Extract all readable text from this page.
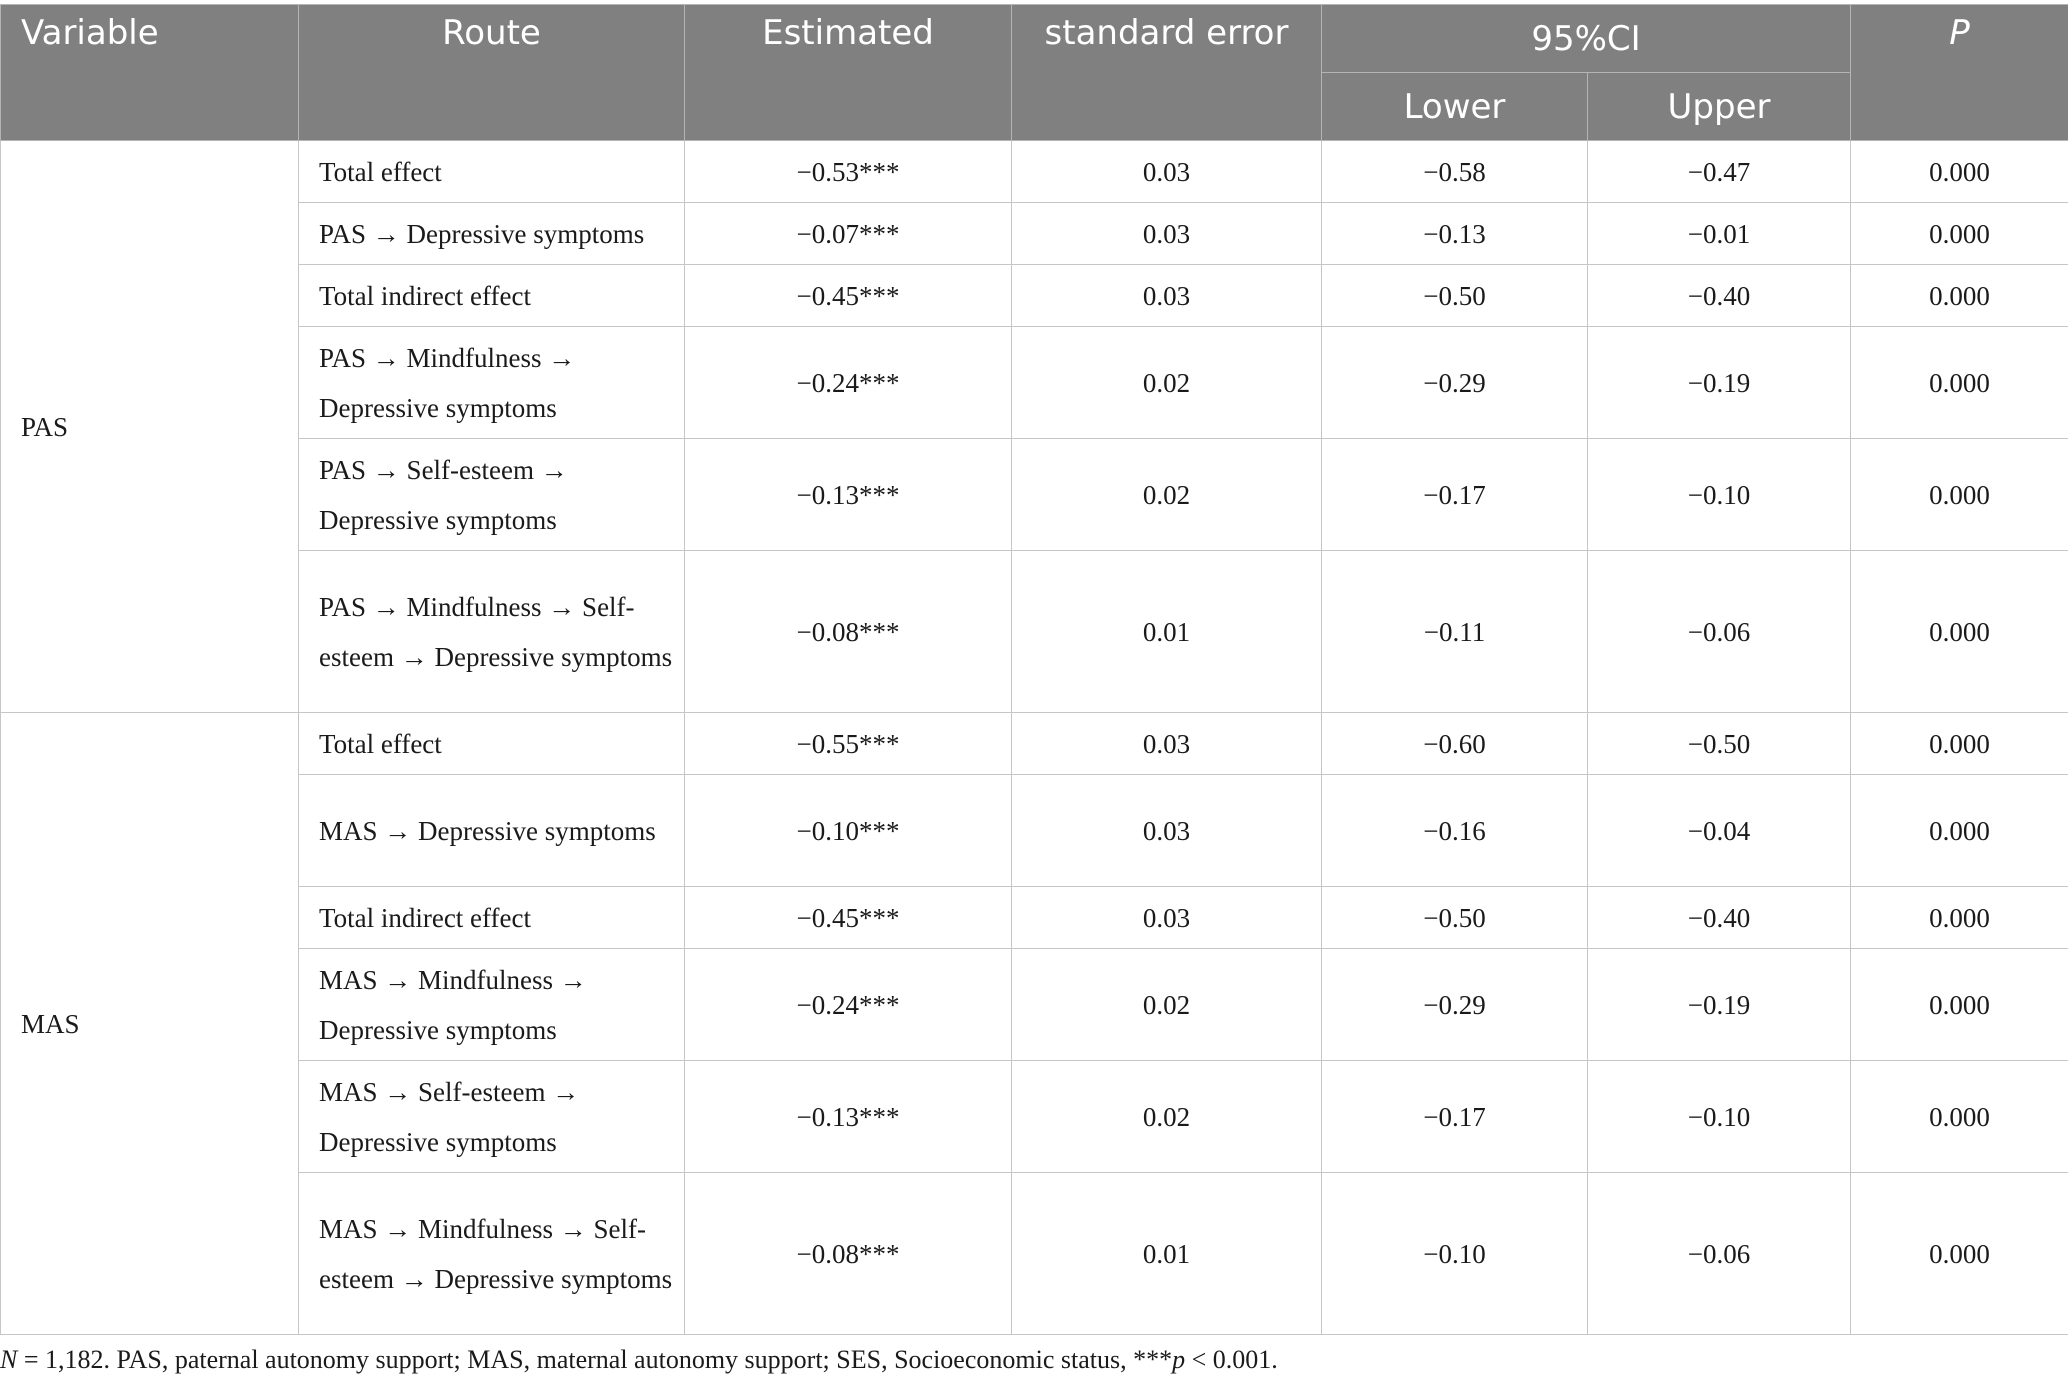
Variable	Route	Estimated	standard error	95%CI		P
				Lower	Upper	
PAS	Total effect	−0.53***	0.03	−0.58	−0.47	0.000
	PAS → Depressive symptoms	−0.07***	0.03	−0.13	−0.01	0.000
	Total indirect effect	−0.45***	0.03	−0.50	−0.40	0.000
	PAS → Mindfulness → Depressive symptoms	−0.24***	0.02	−0.29	−0.19	0.000
	PAS → Self-esteem → Depressive symptoms	−0.13***	0.02	−0.17	−0.10	0.000
	PAS → Mindfulness → Self-esteem → Depressive symptoms	−0.08***	0.01	−0.11	−0.06	0.000
MAS	Total effect	−0.55***	0.03	−0.60	−0.50	0.000
	MAS → Depressive symptoms	−0.10***	0.03	−0.16	−0.04	0.000
	Total indirect effect	−0.45***	0.03	−0.50	−0.40	0.000
	MAS → Mindfulness → Depressive symptoms	−0.24***	0.02	−0.29	−0.19	0.000
	MAS → Self-esteem → Depressive symptoms	−0.13***	0.02	−0.17	−0.10	0.000
	MAS → Mindfulness → Self-esteem → Depressive symptoms	−0.08***	0.01	−0.10	−0.06	0.000
N = 1,182. PAS, paternal autonomy support; MAS, maternal autonomy support; SES, Socioeconomic status, ***p < 0.001.
